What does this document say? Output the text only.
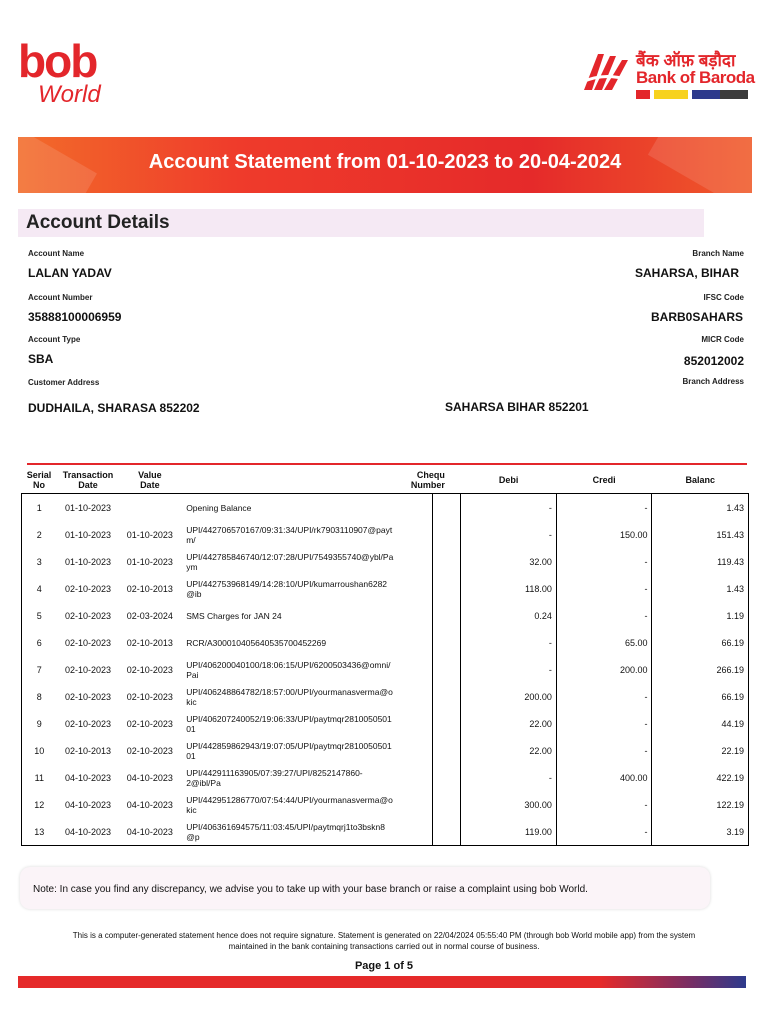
bob
World
बैंक ऑफ़ बड़ौदा
Bank of Baroda
Account Statement from 01-10-2023 to 20-04-2024
Account Details
Account Name
LALAN YADAV
Branch Name
SAHARSA, BIHAR
Account Number
35888100006959
IFSC Code
BARB0SAHARS
Account Type
SBA
MICR Code
852012002
Customer Address	Branch Address
DUDHAILA, SHARASA 852202	SAHARSA BIHAR 852201
Serial
No	Transaction
Date	Value
Date	Chequ
Number		Debi	Credi	Balanc
1	01-10-2023		Opening Balance		-	-	1.43
2	01-10-2023	01-10-2023	UPI/442706570167/09:31:34/UPI/rk7903110907@payt
m/		-	150.00	151.43
3	01-10-2023	01-10-2023	UPI/442785846740/12:07:28/UPI/7549355740@ybl/Pa
ym		32.00	-	119.43
4	02-10-2023	02-10-2013	UPI/442753968149/14:28:10/UPI/kumarroushan6282
@ib		118.00	-	1.43
5	02-10-2023	02-03-2024	SMS Charges for JAN 24		0.24	-	1.19
6	02-10-2023	02-10-2013	RCR/A300010405640535700452269		-	65.00	66.19
7	02-10-2023	02-10-2023	UPI/406200040100/18:06:15/UPI/6200503436@omni/
Pai		-	200.00	266.19
8	02-10-2023	02-10-2023	UPI/406248864782/18:57:00/UPI/yourmanasverma@o
kic		200.00	-	66.19
9	02-10-2023	02-10-2023	UPI/406207240052/19:06:33/UPI/paytmqr2810050501
01		22.00	-	44.19
10	02-10-2013	02-10-2023	UPI/442859862943/19:07:05/UPI/paytmqr2810050501
01		22.00	-	22.19
11	04-10-2023	04-10-2023	UPI/442911163905/07:39:27/UPI/8252147860-
2@ibl/Pa		-	400.00	422.19
12	04-10-2023	04-10-2023	UPI/442951286770/07:54:44/UPI/yourmanasverma@o
kic		300.00	-	122.19
13	04-10-2023	04-10-2023	UPI/406361694575/11:03:45/UPI/paytmqrj1to3bskn8
@p		119.00	-	3.19
Note: In case you find any discrepancy, we advise you to take up with your base branch or raise a complaint using bob World.
This is a computer-generated statement hence does not require signature. Statement is generated on 22/04/2024 05:55:40 PM (through bob World mobile app) from the system
maintained in the bank containing transactions carried out in normal course of business.
Page 1 of 5
